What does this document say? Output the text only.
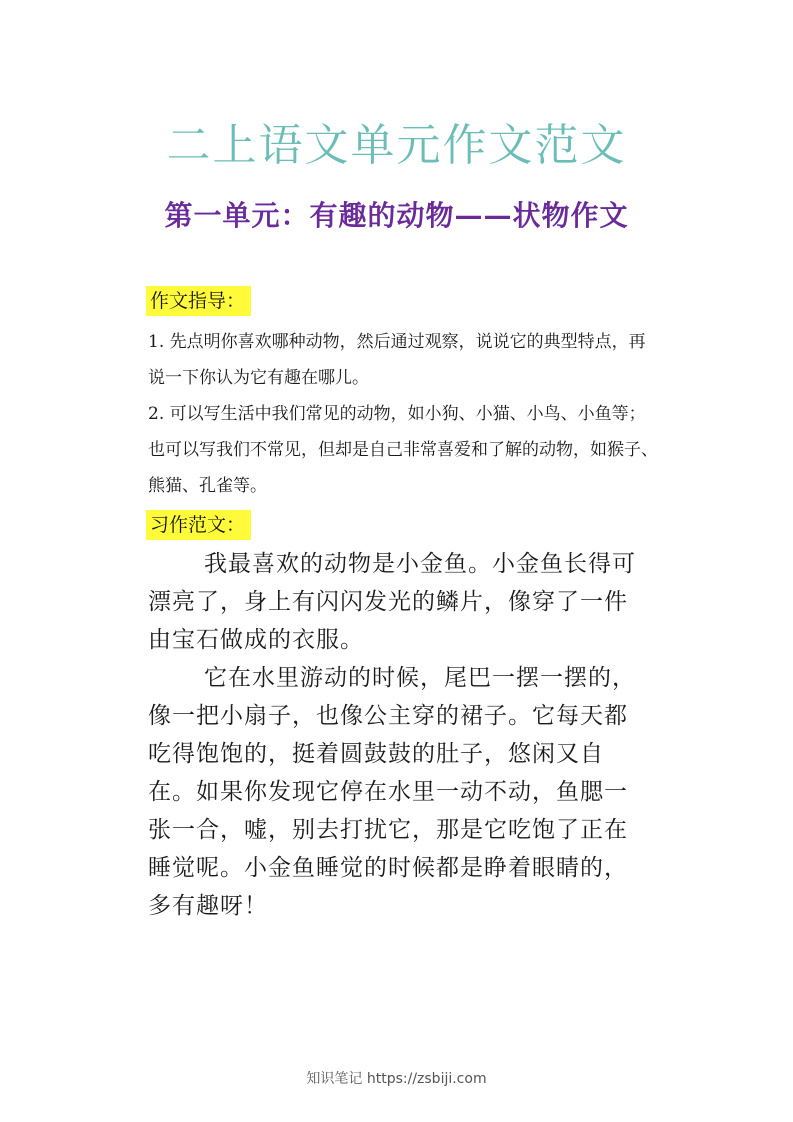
二上语文单元作文范文
第一单元：有趣的动物——状物作文
作文指导：
1. 先点明你喜欢哪种动物，然后通过观察，说说它的典型特点，再说一下你认为它有趣在哪儿。
2. 可以写生活中我们常见的动物，如小狗、小猫、小鸟、小鱼等；也可以写我们不常见，但却是自己非常喜爱和了解的动物，如猴子、熊猫、孔雀等。
习作范文：

我最喜欢的动物是小金鱼。小金鱼长得可漂亮了，身上有闪闪发光的鳞片，像穿了一件由宝石做成的衣服。

它在水里游动的时候，尾巴一摆一摆的，像一把小扇子，也像公主穿的裙子。它每天都吃得饱饱的，挺着圆鼓鼓的肚子，悠闲又自在。如果你发现它停在水里一动不动，鱼腮一张一合，嘘，别去打扰它，那是它吃饱了正在睡觉呢。小金鱼睡觉的时候都是睁着眼睛的，多有趣呀！

知识笔记 https://zsbiji.com
